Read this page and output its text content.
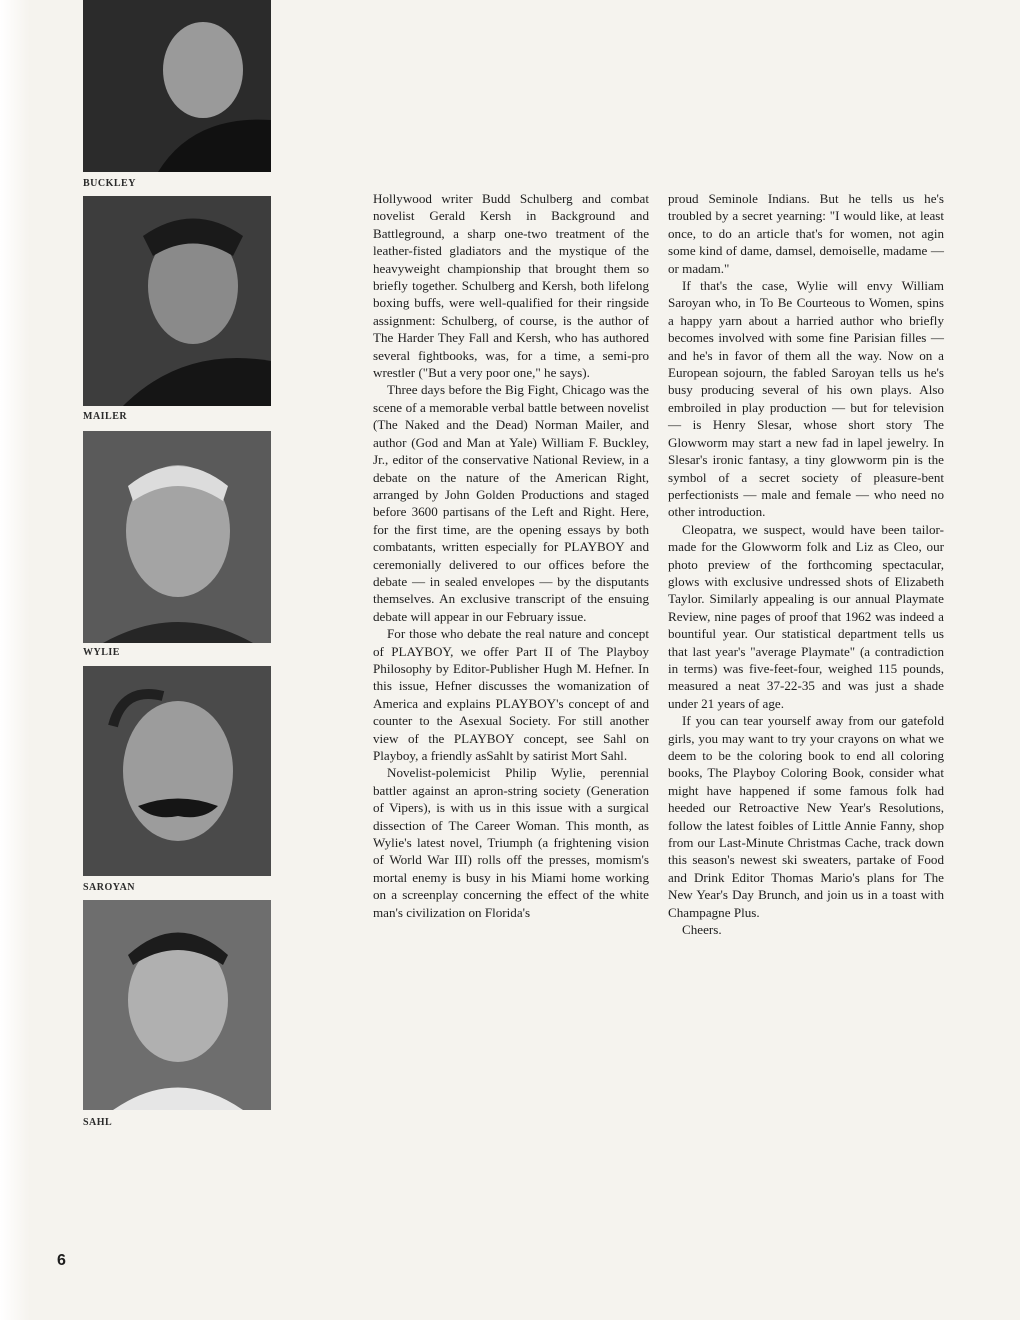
BUCKLEY
MAILER
WYLIE
SAROYAN
SAHL

Hollywood writer Budd Schulberg and combat novelist Gerald Kersh in Background and Battleground, a sharp one-two treatment of the leather-fisted gladiators and the mystique of the heavyweight championship that brought them so briefly together. Schulberg and Kersh, both lifelong boxing buffs, were well-qualified for their ringside assignment: Schulberg, of course, is the author of The Harder They Fall and Kersh, who has authored several fightbooks, was, for a time, a semi-pro wrestler ("But a very poor one," he says).

Three days before the Big Fight, Chicago was the scene of a memorable verbal battle between novelist (The Naked and the Dead) Norman Mailer, and author (God and Man at Yale) William F. Buckley, Jr., editor of the conservative National Review, in a debate on the nature of the American Right, arranged by John Golden Productions and staged before 3600 partisans of the Left and Right. Here, for the first time, are the opening essays by both combatants, written especially for PLAYBOY and ceremonially delivered to our offices before the debate — in sealed envelopes — by the disputants themselves. An exclusive transcript of the ensuing debate will appear in our February issue.

For those who debate the real nature and concept of PLAYBOY, we offer Part II of The Playboy Philosophy by Editor-Publisher Hugh M. Hefner. In this issue, Hefner discusses the womanization of America and explains PLAYBOY's concept of and counter to the Asexual Society. For still another view of the PLAYBOY concept, see Sahl on Playboy, a friendly asSahlt by satirist Mort Sahl.

Novelist-polemicist Philip Wylie, perennial battler against an apron-string society (Generation of Vipers), is with us in this issue with a surgical dissection of The Career Woman. This month, as Wylie's latest novel, Triumph (a frightening vision of World War III) rolls off the presses, momism's mortal enemy is busy in his Miami home working on a screenplay concerning the effect of the white man's civilization on Florida's

proud Seminole Indians. But he tells us he's troubled by a secret yearning: "I would like, at least once, to do an article that's for women, not agin some kind of dame, damsel, demoiselle, madame — or madam."

If that's the case, Wylie will envy William Saroyan who, in To Be Courteous to Women, spins a happy yarn about a harried author who briefly becomes involved with some fine Parisian filles — and he's in favor of them all the way. Now on a European sojourn, the fabled Saroyan tells us he's busy producing several of his own plays. Also embroiled in play production — but for television — is Henry Slesar, whose short story The Glowworm may start a new fad in lapel jewelry. In Slesar's ironic fantasy, a tiny glowworm pin is the symbol of a secret society of pleasure-bent perfectionists — male and female — who need no other introduction.

Cleopatra, we suspect, would have been tailor-made for the Glowworm folk and Liz as Cleo, our photo preview of the forthcoming spectacular, glows with exclusive undressed shots of Elizabeth Taylor. Similarly appealing is our annual Playmate Review, nine pages of proof that 1962 was indeed a bountiful year. Our statistical department tells us that last year's "average Playmate" (a contradiction in terms) was five-feet-four, weighed 115 pounds, measured a neat 37-22-35 and was just a shade under 21 years of age.

If you can tear yourself away from our gatefold girls, you may want to try your crayons on what we deem to be the coloring book to end all coloring books, The Playboy Coloring Book, consider what might have happened if some famous folk had heeded our Retroactive New Year's Resolutions, follow the latest foibles of Little Annie Fanny, shop from our Last-Minute Christmas Cache, track down this season's newest ski sweaters, partake of Food and Drink Editor Thomas Mario's plans for The New Year's Day Brunch, and join us in a toast with Champagne Plus.

Cheers.

6
